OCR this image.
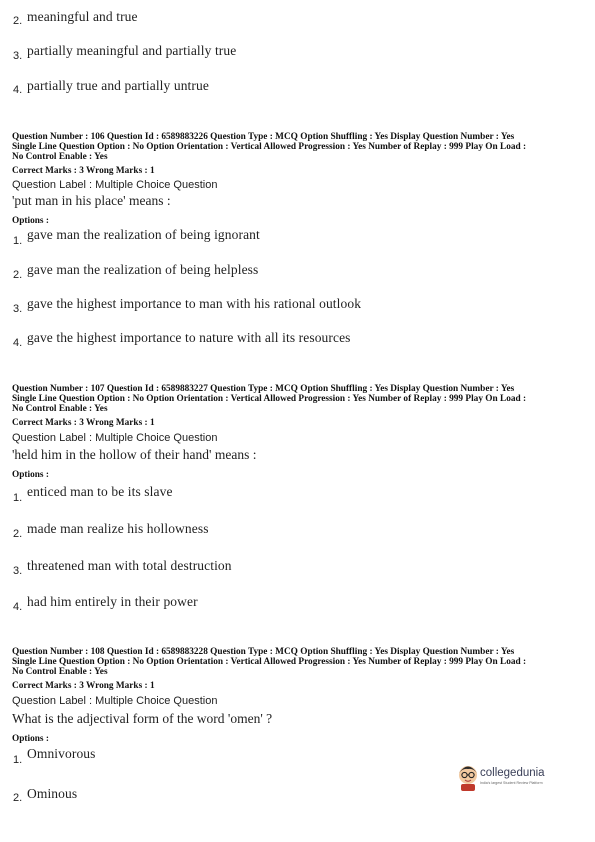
2. meaningful and true
3. partially meaningful and partially true
4. partially true and partially untrue

Question Number : 106 Question Id : 6589883226 Question Type : MCQ Option Shuffling : Yes Display Question Number : Yes

Single Line Question Option : No Option Orientation : Vertical Allowed Progression : Yes Number of Replay : 999 Play On Load :

No Control Enable : Yes

Correct Marks : 3 Wrong Marks : 1
Question Label : Multiple Choice Question
'put man in his place' means :
Options :
1. gave man the realization of being ignorant
2. gave man the realization of being helpless
3. gave the highest importance to man with his rational outlook
4. gave the highest importance to nature with all its resources

Question Number : 107 Question Id : 6589883227 Question Type : MCQ Option Shuffling : Yes Display Question Number : Yes

Single Line Question Option : No Option Orientation : Vertical Allowed Progression : Yes Number of Replay : 999 Play On Load :

No Control Enable : Yes

Correct Marks : 3 Wrong Marks : 1
Question Label : Multiple Choice Question
'held him in the hollow of their hand' means :
Options :
1. enticed man to be its slave
2. made man realize his hollowness
3. threatened man with total destruction
4. had him entirely in their power

Question Number : 108 Question Id : 6589883228 Question Type : MCQ Option Shuffling : Yes Display Question Number : Yes

Single Line Question Option : No Option Orientation : Vertical Allowed Progression : Yes Number of Replay : 999 Play On Load :

No Control Enable : Yes

Correct Marks : 3 Wrong Marks : 1
Question Label : Multiple Choice Question
What is the adjectival form of the word 'omen' ?
Options :
1. Omnivorous
2. Ominous
collegedunia
India's largest Student Review Platform
